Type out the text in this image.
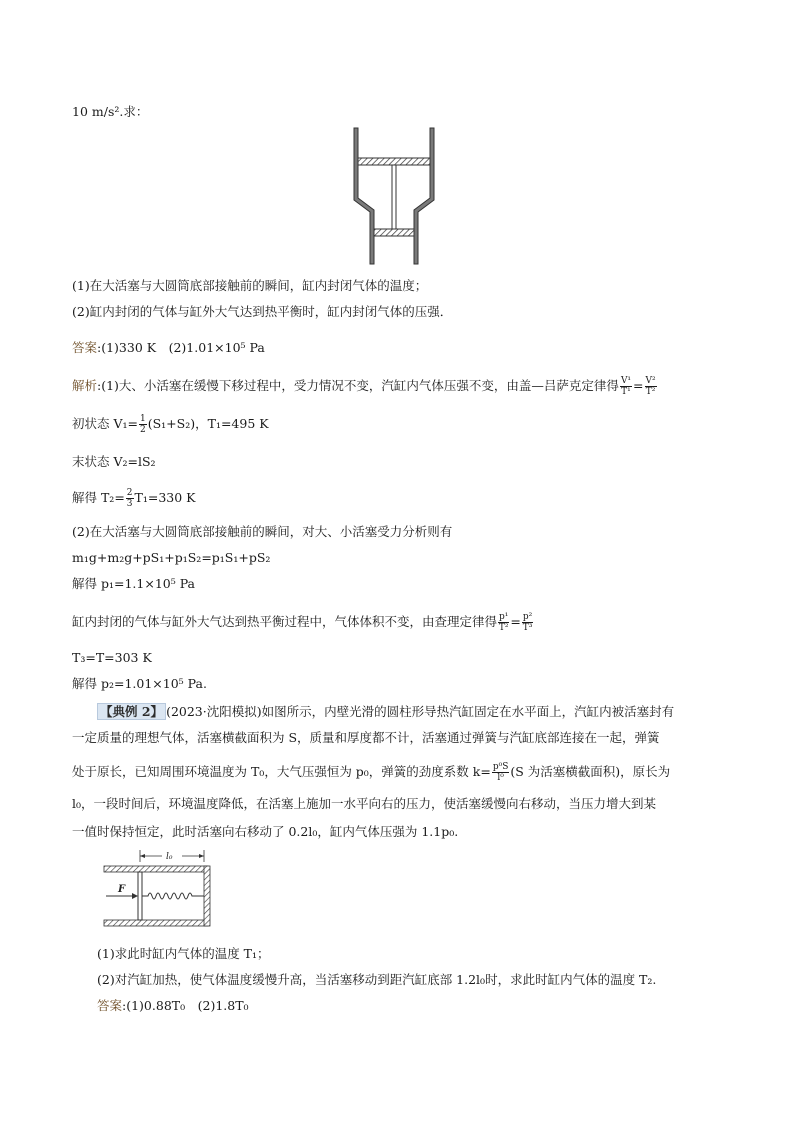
10 m/s².求：
(1)在大活塞与大圆筒底部接触前的瞬间，缸内封闭气体的温度；
(2)缸内封闭的气体与缸外大气达到热平衡时，缸内封闭气体的压强．
答案:(1)330 K　(2)1.01×10⁵ Pa
解析:(1)大、小活塞在缓慢下移过程中，受力情况不变，汽缸内气体压强不变，由盖—吕萨克定律得 $\frac{\text{V¹}}{\text{T¹}} = \frac{\text{V²}}{\text{T²}}$
初状态 $V_1= \frac{1}{2} (S_1+S_2)$，T₁=495 K
末状态 V₂=lS₂
解得 $T_2= \frac{2}{3} T_1=330$ K
(2)在大活塞与大圆筒底部接触前的瞬间，对大、小活塞受力分析则有
m₁g+m₂g+pS₁+p₁S₂=p₁S₁+pS₂
解得 p₁=1.1×10⁵ Pa
缸内封闭的气体与缸外大气达到热平衡过程中，气体体积不变，由查理定律得 $\frac{\text{p¹}}{\text{T²}} = \frac{\text{p²}}{\text{T³}}$
T₃=T=303 K
解得 p₂=1.01×10⁵ Pa.
【典例 2】 (2023·沈阳模拟)如图所示，内壁光滑的圆柱形导热汽缸固定在水平面上，汽缸内被活塞封有
一定质量的理想气体，活塞横截面积为 S，质量和厚度都不计，活塞通过弹簧与汽缸底部连接在一起，弹簧
处于原长，已知周围环境温度为 T₀，大气压强恒为 p₀，弹簧的劲度系数 $k= \frac{\text{p⁰S}}{\text{l⁰}} (S$ 为活塞横截面积)，原长为
l₀，一段时间后，环境温度降低，在活塞上施加一水平向右的压力，使活塞缓慢向右移动，当压力增大到某
一值时保持恒定，此时活塞向右移动了 0.2l₀，缸内气体压强为 1.1p₀.
l₀
F
(1)求此时缸内气体的温度 T₁；
(2)对汽缸加热，使气体温度缓慢升高，当活塞移动到距汽缸底部 1.2l₀时，求此时缸内气体的温度 T₂.
答案:(1)0.88T₀　(2)1.8T₀
